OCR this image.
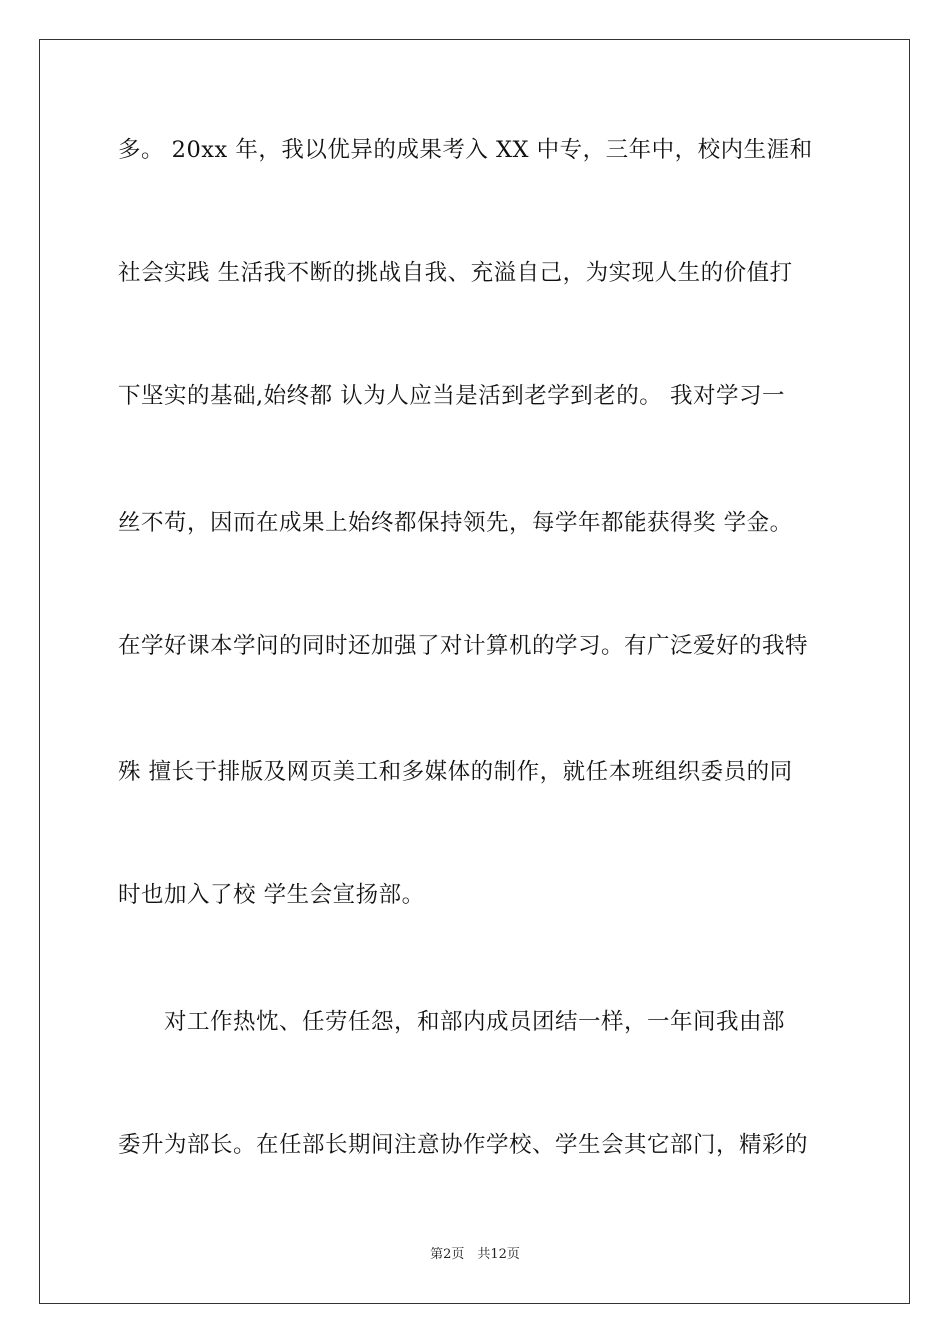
多。 20xx 年，我以优异的成果考入 XX 中专，三年中，校内生涯和
社会实践 生活我不断的挑战自我、充溢自己，为实现人生的价值打
下坚实的基础,始终都 认为人应当是活到老学到老的。 我对学习一
丝不苟，因而在成果上始终都保持领先，每学年都能获得奖 学金。
在学好课本学问的同时还加强了对计算机的学习。有广泛爱好的我特
殊 擅长于排版及网页美工和多媒体的制作，就任本班组织委员的同
时也加入了校 学生会宣扬部。
　　对工作热忱、任劳任怨，和部内成员团结一样，一年间我由部
委升为部长。在任部长期间注意协作学校、学生会其它部门，精彩的
第2页　共12页
